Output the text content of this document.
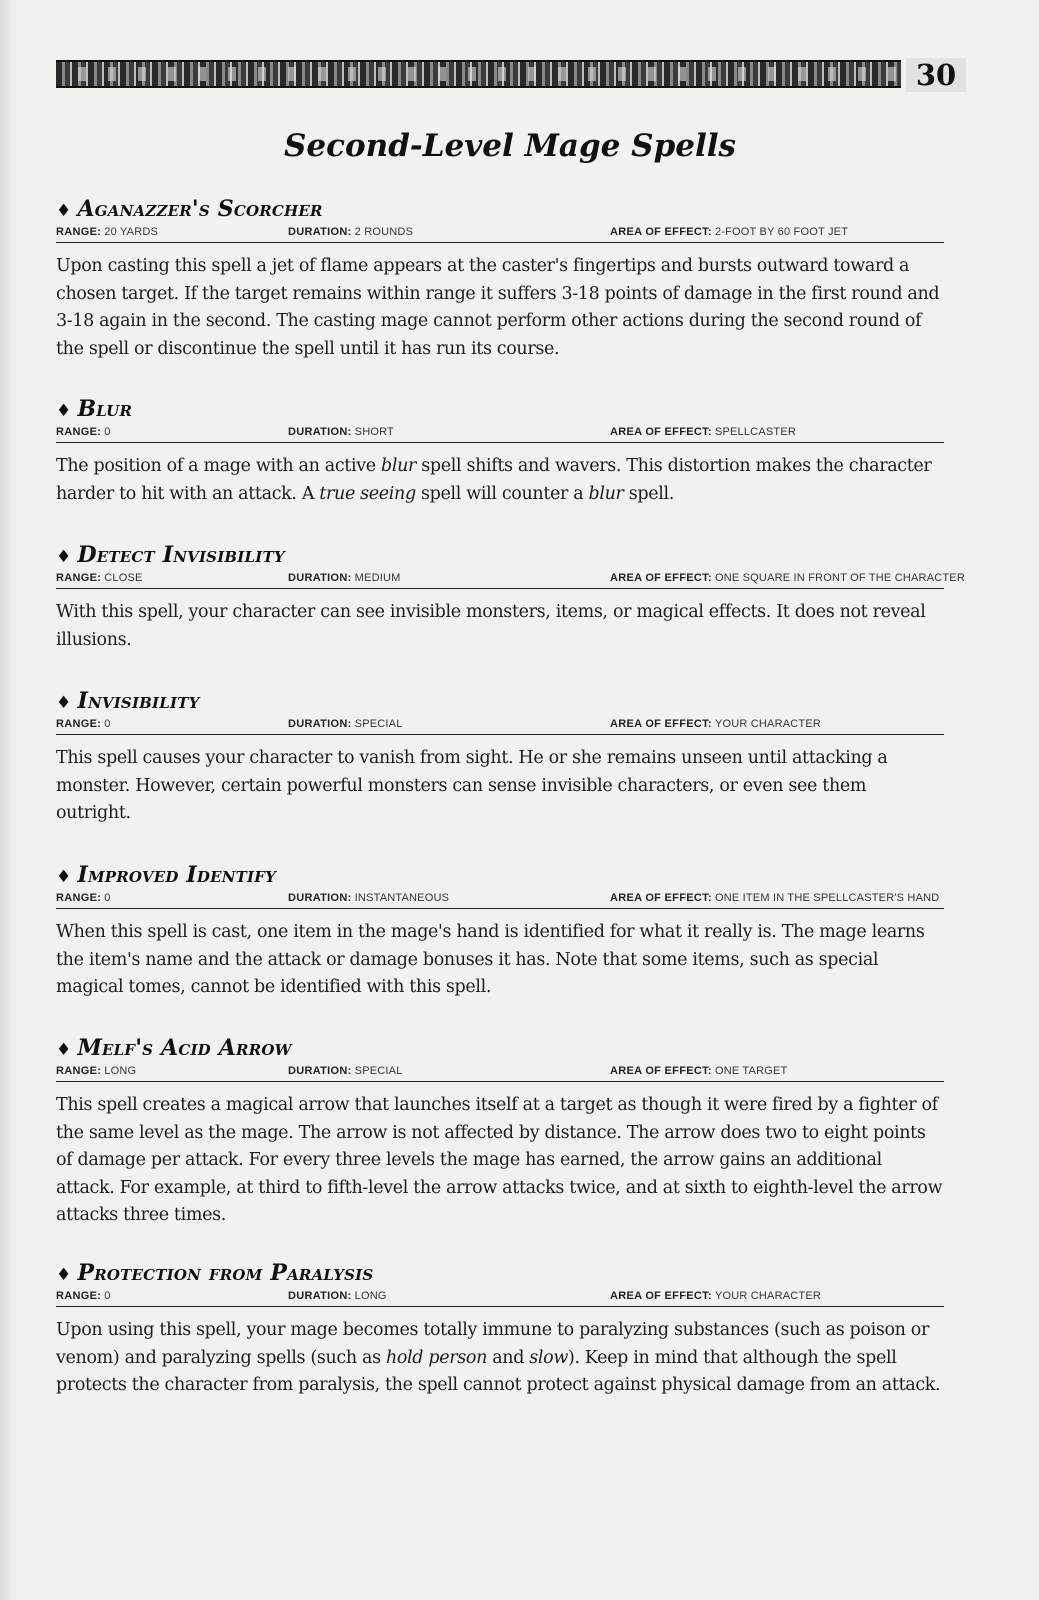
30
Second-Level Mage Spells
♦ Aganazzer's Scorcher
RANGE: 20 YARDS	DURATION: 2 ROUNDS	AREA OF EFFECT: 2-FOOT BY 60 FOOT JET

Upon casting this spell a jet of flame appears at the caster's fingertips and bursts outward toward a chosen target. If the target remains within range it suffers 3-18 points of damage in the first round and 3-18 again in the second. The casting mage cannot perform other actions during the second round of the spell or discontinue the spell until it has run its course.

♦ Blur
RANGE: 0	DURATION: SHORT	AREA OF EFFECT: SPELLCASTER

The position of a mage with an active blur spell shifts and wavers. This distortion makes the character harder to hit with an attack. A true seeing spell will counter a blur spell.

♦ Detect Invisibility
RANGE: CLOSE	DURATION: MEDIUM	AREA OF EFFECT: ONE SQUARE IN FRONT OF THE CHARACTER

With this spell, your character can see invisible monsters, items, or magical effects. It does not reveal illusions.

♦ Invisibility
RANGE: 0	DURATION: SPECIAL	AREA OF EFFECT: YOUR CHARACTER

This spell causes your character to vanish from sight. He or she remains unseen until attacking a monster. However, certain powerful monsters can sense invisible characters, or even see them outright.

♦ Improved Identify
RANGE: 0	DURATION: INSTANTANEOUS	AREA OF EFFECT: ONE ITEM IN THE SPELLCASTER'S HAND

When this spell is cast, one item in the mage's hand is identified for what it really is. The mage learns the item's name and the attack or damage bonuses it has. Note that some items, such as special magical tomes, cannot be identified with this spell.

♦ Melf's Acid Arrow
RANGE: LONG	DURATION: SPECIAL	AREA OF EFFECT: ONE TARGET

This spell creates a magical arrow that launches itself at a target as though it were fired by a fighter of the same level as the mage. The arrow is not affected by distance. The arrow does two to eight points of damage per attack. For every three levels the mage has earned, the arrow gains an additional attack. For example, at third to fifth-level the arrow attacks twice, and at sixth to eighth-level the arrow attacks three times.

♦ Protection from Paralysis
RANGE: 0	DURATION: LONG	AREA OF EFFECT: YOUR CHARACTER

Upon using this spell, your mage becomes totally immune to paralyzing substances (such as poison or venom) and paralyzing spells (such as hold person and slow). Keep in mind that although the spell protects the character from paralysis, the spell cannot protect against physical damage from an attack.
